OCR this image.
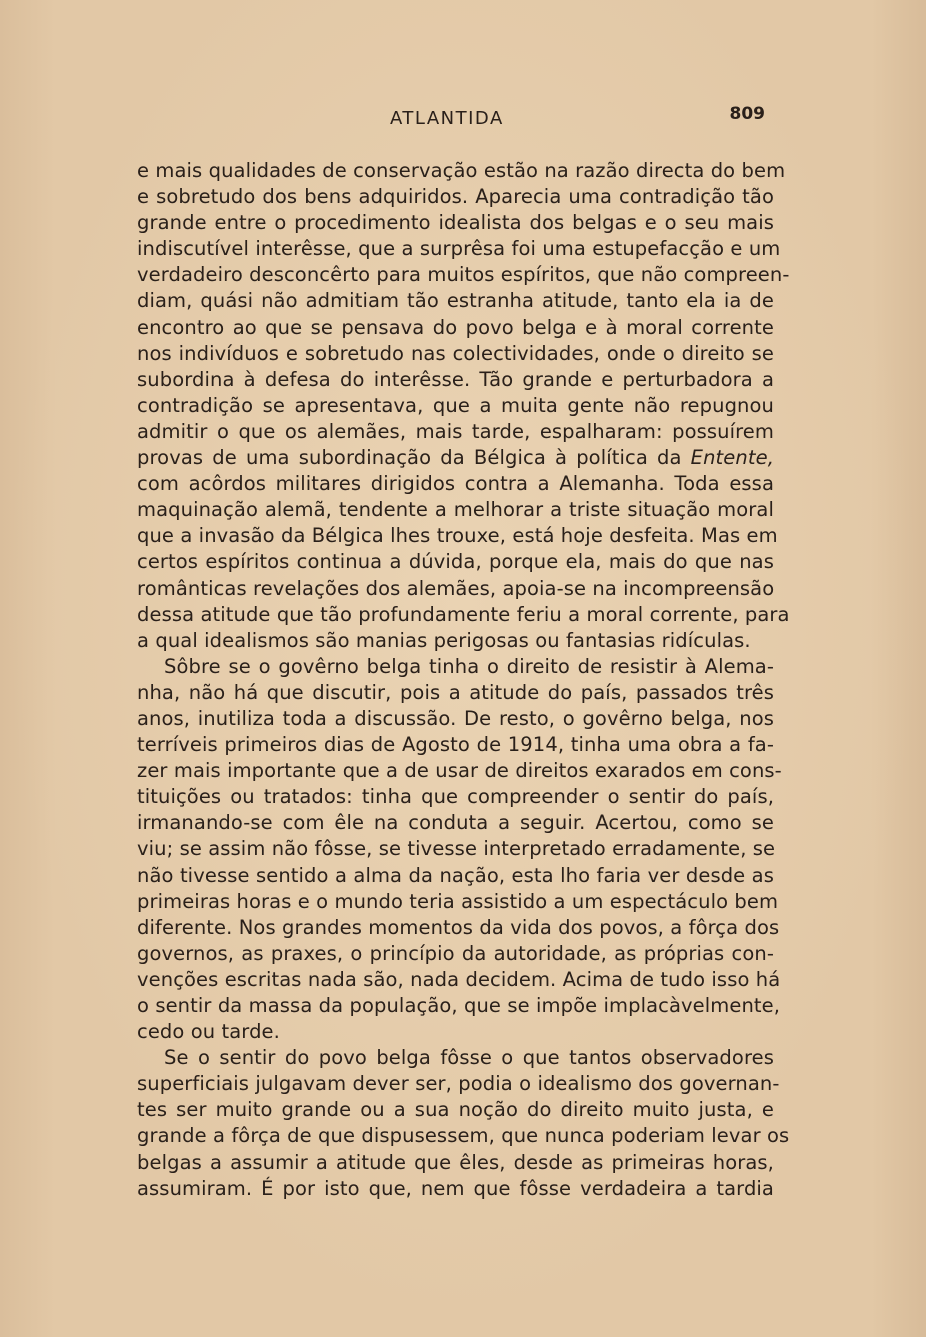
ATLANTIDA	809
e mais qualidades de conservação estão na razão directa do bem
e sobretudo dos bens adquiridos. Aparecia uma contradição tão
grande entre o procedimento idealista dos belgas e o seu mais
indiscutível interêsse, que a surprêsa foi uma estupefacção e um
verdadeiro desconcêrto para muitos espíritos, que não compreen-
diam, quási não admitiam tão estranha atitude, tanto ela ia de
encontro ao que se pensava do povo belga e à moral corrente
nos indivíduos e sobretudo nas colectividades, onde o direito se
subordina à defesa do interêsse. Tão grande e perturbadora a
contradição se apresentava, que a muita gente não repugnou
admitir o que os alemães, mais tarde, espalharam: possuírem
provas de uma subordinação da Bélgica à política da Entente,
com acôrdos militares dirigidos contra a Alemanha. Toda essa
maquinação alemã, tendente a melhorar a triste situação moral
que a invasão da Bélgica lhes trouxe, está hoje desfeita. Mas em
certos espíritos continua a dúvida, porque ela, mais do que nas
românticas revelações dos alemães, apoia-se na incompreensão
dessa atitude que tão profundamente feriu a moral corrente, para
a qual idealismos são manias perigosas ou fantasias ridículas.
Sôbre se o govêrno belga tinha o direito de resistir à Alema-
nha, não há que discutir, pois a atitude do país, passados três
anos, inutiliza toda a discussão. De resto, o govêrno belga, nos
terríveis primeiros dias de Agosto de 1914, tinha uma obra a fa-
zer mais importante que a de usar de direitos exarados em cons-
tituições ou tratados: tinha que compreender o sentir do país,
irmanando-se com êle na conduta a seguir. Acertou, como se
viu; se assim não fôsse, se tivesse interpretado erradamente, se
não tivesse sentido a alma da nação, esta lho faria ver desde as
primeiras horas e o mundo teria assistido a um espectáculo bem
diferente. Nos grandes momentos da vida dos povos, a fôrça dos
governos, as praxes, o princípio da autoridade, as próprias con-
venções escritas nada são, nada decidem. Acima de tudo isso há
o sentir da massa da população, que se impõe implacàvelmente,
cedo ou tarde.
Se o sentir do povo belga fôsse o que tantos observadores
superficiais julgavam dever ser, podia o idealismo dos governan-
tes ser muito grande ou a sua noção do direito muito justa, e
grande a fôrça de que dispusessem, que nunca poderiam levar os
belgas a assumir a atitude que êles, desde as primeiras horas,
assumiram. É por isto que, nem que fôsse verdadeira a tardia
